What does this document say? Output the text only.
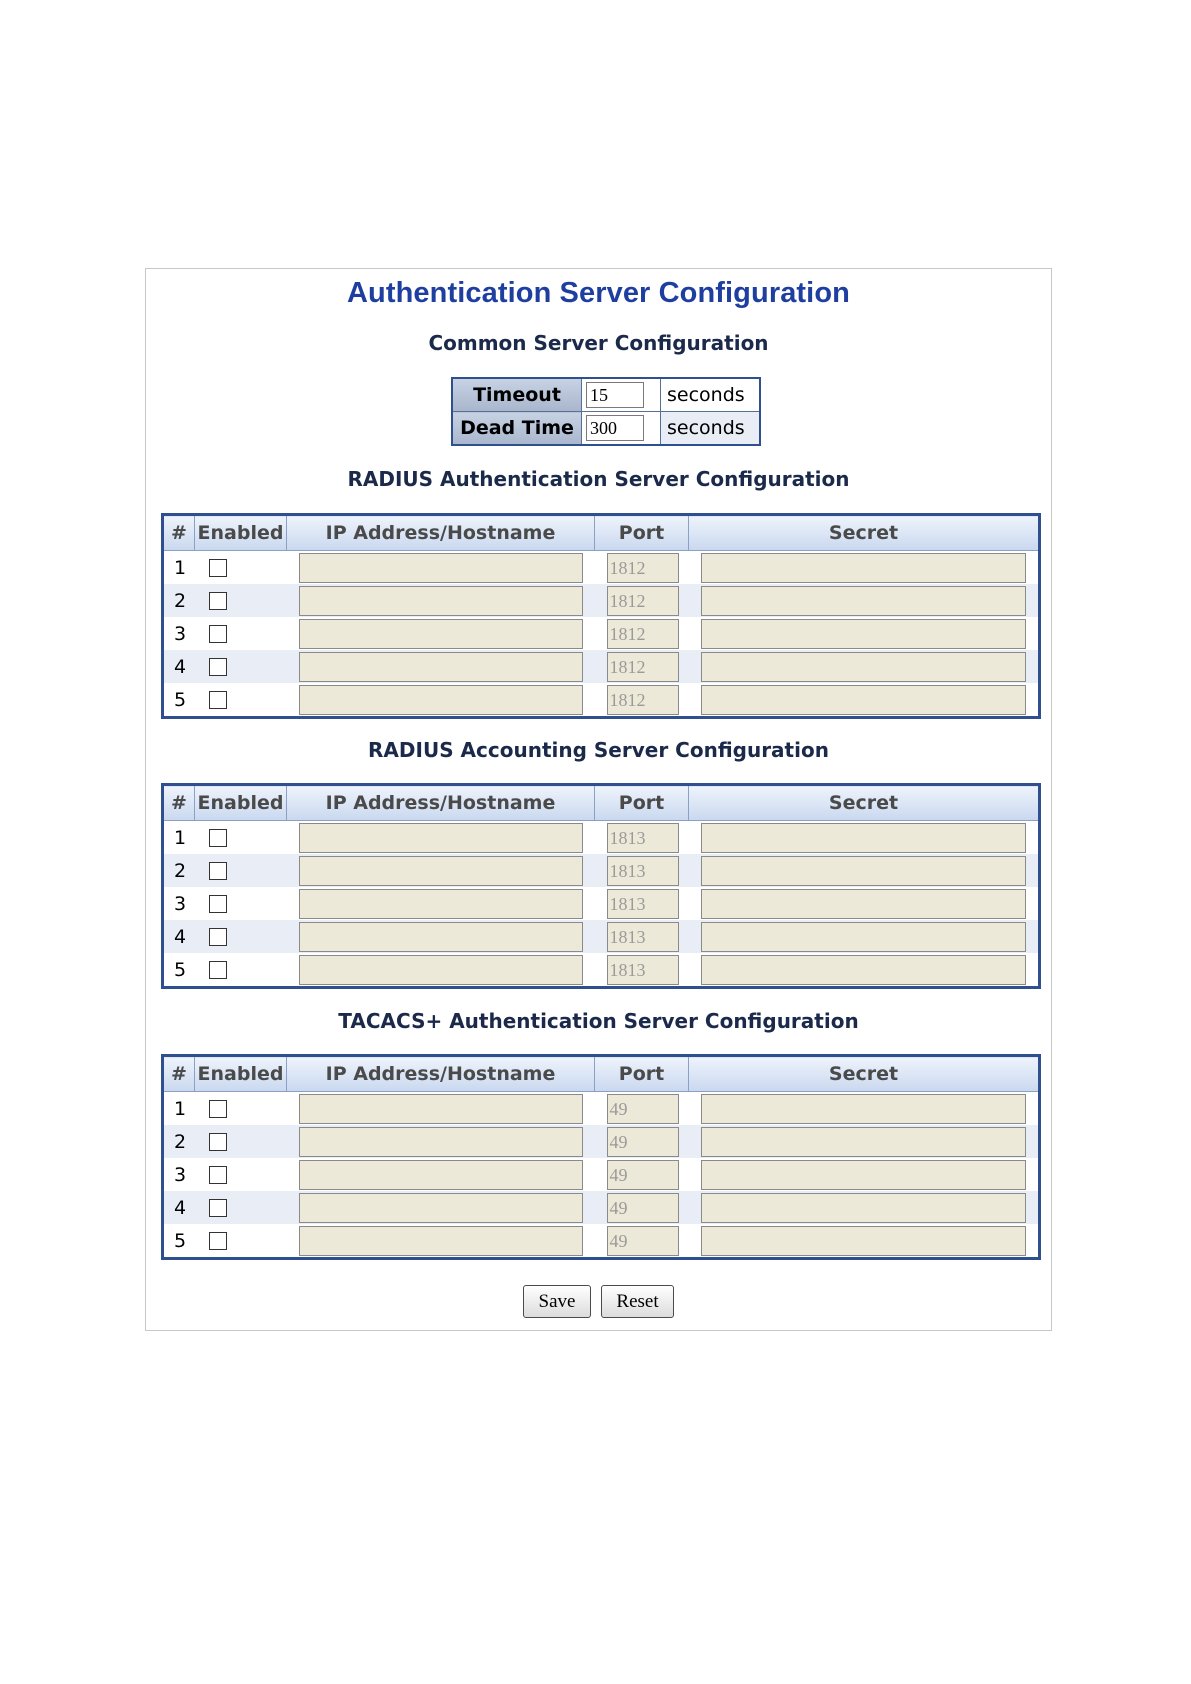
Authentication Server Configuration
Common Server Configuration
Timeout	15	seconds
Dead Time	300	seconds
RADIUS Authentication Server Configuration
#	Enabled	IP Address/Hostname	Port	Secret
1			1812	

2			1812	

3			1812	

4			1812	

5			1812	

RADIUS Accounting Server Configuration
#	Enabled	IP Address/Hostname	Port	Secret
1			1813	

2			1813	

3			1813	

4			1813	

5			1813	

TACACS+ Authentication Server Configuration
#	Enabled	IP Address/Hostname	Port	Secret
1			49	

2			49	

3			49	

4			49	

5			49	

Save	Reset
